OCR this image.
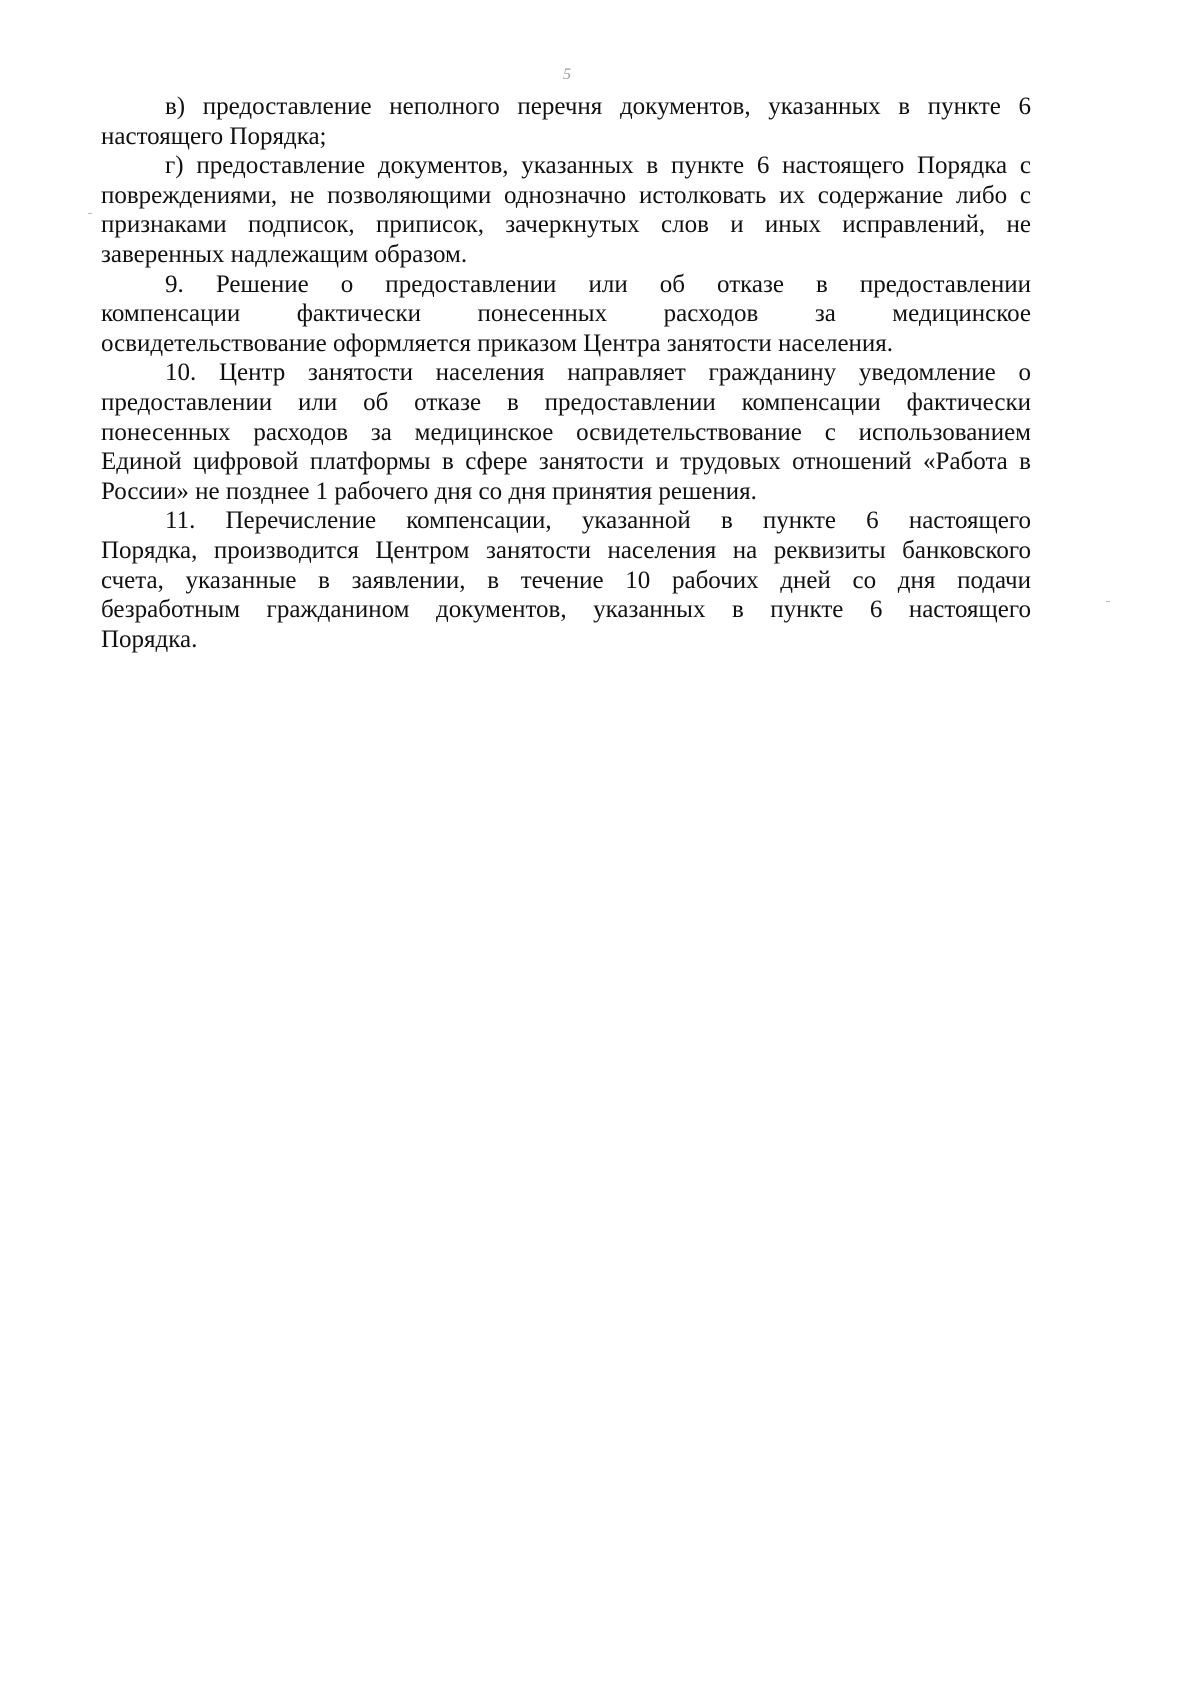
5
в) предоставление неполного перечня документов, указанных в пункте 6
настоящего Порядка;
г) предоставление документов, указанных в пункте 6 настоящего Порядка с
повреждениями, не позволяющими однозначно истолковать их содержание либо с
признаками подписок, приписок, зачеркнутых слов и иных исправлений, не
заверенных надлежащим образом.
9. Решение о предоставлении или об отказе в предоставлении
компенсации фактически понесенных расходов за медицинское
освидетельствование оформляется приказом Центра занятости населения.
10. Центр занятости населения направляет гражданину уведомление о
предоставлении или об отказе в предоставлении компенсации фактически
понесенных расходов за медицинское освидетельствование с использованием
Единой цифровой платформы в сфере занятости и трудовых отношений «Работа в
России» не позднее 1 рабочего дня со дня принятия решения.
11. Перечисление компенсации, указанной в пункте 6 настоящего
Порядка, производится Центром занятости населения на реквизиты банковского
счета, указанные в заявлении, в течение 10 рабочих дней со дня подачи
безработным гражданином документов, указанных в пункте 6 настоящего
Порядка.
